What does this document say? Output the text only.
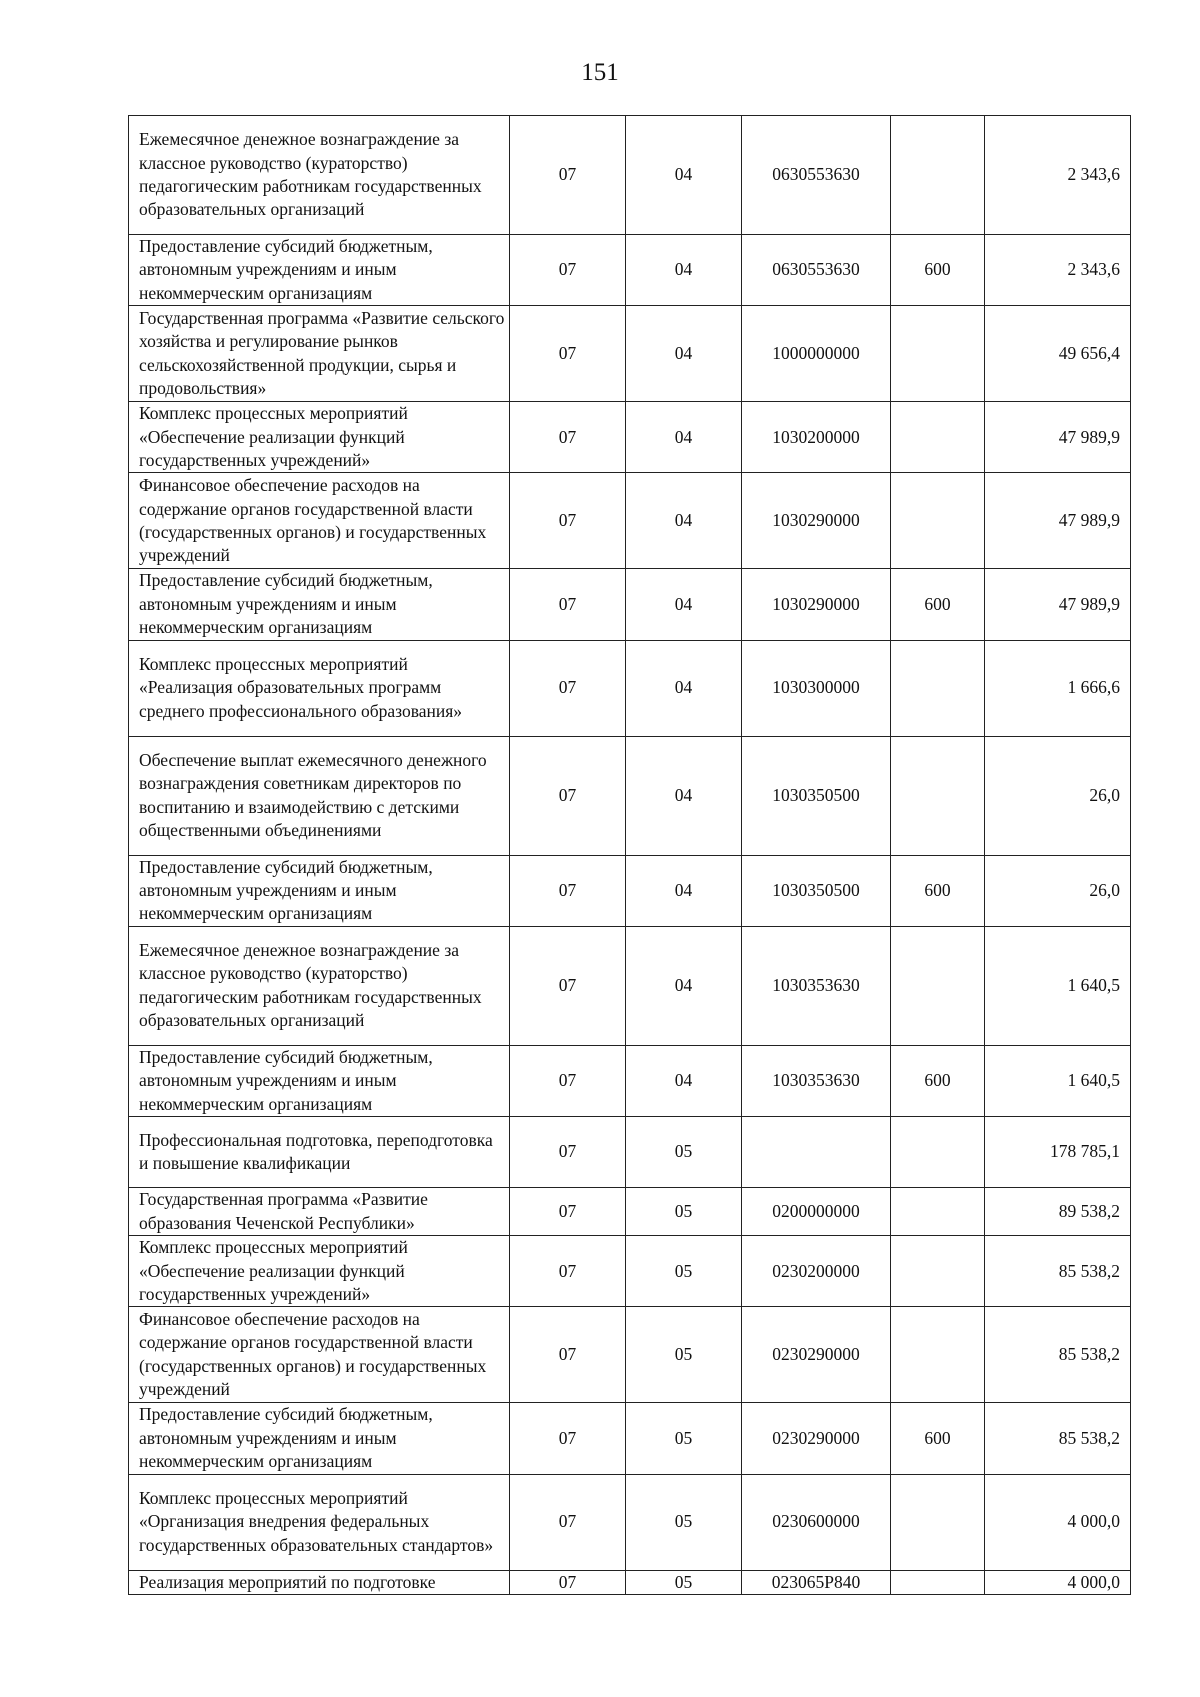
151
Ежемесячное денежное вознаграждение за классное руководство (кураторство) педагогическим работникам государственных образовательных организаций	07	04	0630553630		2 343,6
Предоставление субсидий бюджетным, автономным учреждениям и иным некоммерческим организациям	07	04	0630553630	600	2 343,6
Государственная программа «Развитие сельского хозяйства и регулирование рынков сельскохозяйственной продукции, сырья и продовольствия»	07	04	1000000000		49 656,4
Комплекс процессных мероприятий «Обеспечение реализации функций государственных учреждений»	07	04	1030200000		47 989,9
Финансовое обеспечение расходов на содержание органов государственной власти (государственных органов) и государственных учреждений	07	04	1030290000		47 989,9
Предоставление субсидий бюджетным, автономным учреждениям и иным некоммерческим организациям	07	04	1030290000	600	47 989,9
Комплекс процессных мероприятий «Реализация образовательных программ среднего профессионального образования»	07	04	1030300000		1 666,6
Обеспечение выплат ежемесячного денежного вознаграждения советникам директоров по воспитанию и взаимодействию с детскими общественными объединениями	07	04	1030350500		26,0
Предоставление субсидий бюджетным, автономным учреждениям и иным некоммерческим организациям	07	04	1030350500	600	26,0
Ежемесячное денежное вознаграждение за классное руководство (кураторство) педагогическим работникам государственных образовательных организаций	07	04	1030353630		1 640,5
Предоставление субсидий бюджетным, автономным учреждениям и иным некоммерческим организациям	07	04	1030353630	600	1 640,5
Профессиональная подготовка, переподготовка и повышение квалификации	07	05			178 785,1
Государственная программа «Развитие образования Чеченской Республики»	07	05	0200000000		89 538,2
Комплекс процессных мероприятий «Обеспечение реализации функций государственных учреждений»	07	05	0230200000		85 538,2
Финансовое обеспечение расходов на содержание органов государственной власти (государственных органов) и государственных учреждений	07	05	0230290000		85 538,2
Предоставление субсидий бюджетным, автономным учреждениям и иным некоммерческим организациям	07	05	0230290000	600	85 538,2
Комплекс процессных мероприятий «Организация внедрения федеральных государственных образовательных стандартов»	07	05	0230600000		4 000,0
Реализация мероприятий по подготовке	07	05	023065Р840		4 000,0
